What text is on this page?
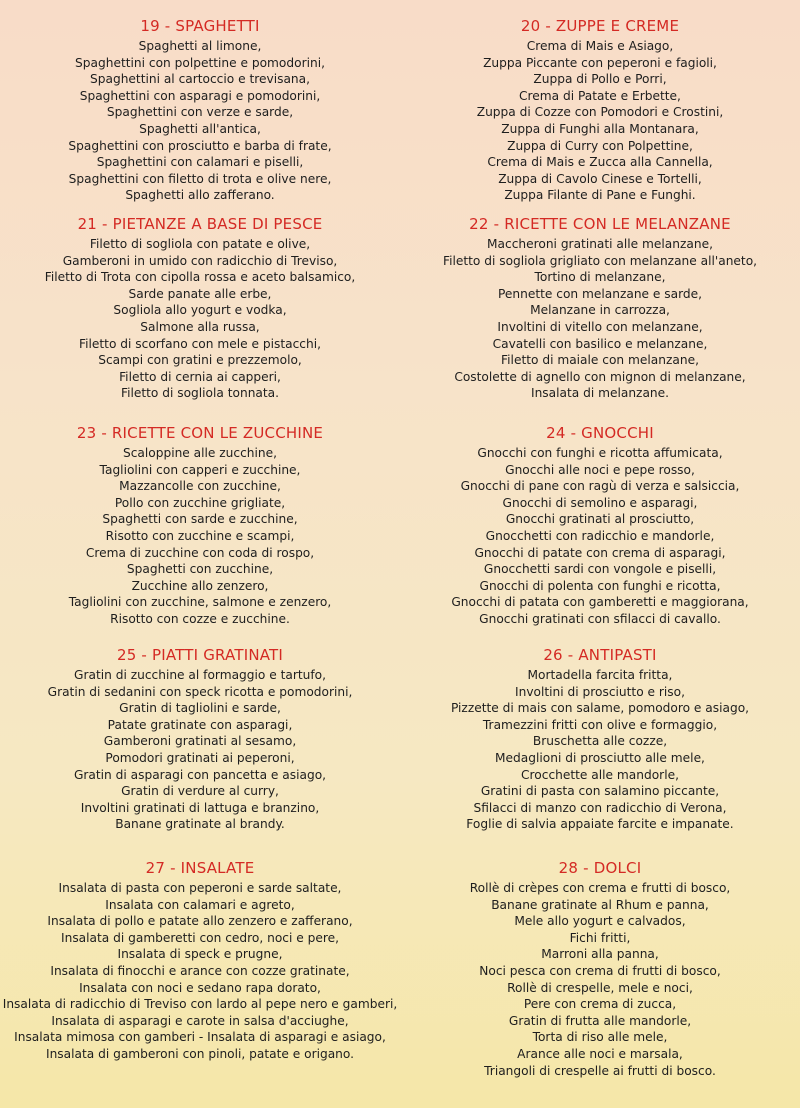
19 - SPAGHETTI
Spaghetti al limone,
Spaghettini con polpettine e pomodorini,
Spaghettini al cartoccio e trevisana,
Spaghettini con asparagi e pomodorini,
Spaghettini con verze e sarde,
Spaghetti all'antica,
Spaghettini con prosciutto e barba di frate,
Spaghettini con calamari e piselli,
Spaghettini con filetto di trota e olive nere,
Spaghetti allo zafferano.
21 - PIETANZE A BASE DI PESCE
Filetto di sogliola con patate e olive,
Gamberoni in umido con radicchio di Treviso,
Filetto di Trota con cipolla rossa e aceto balsamico,
Sarde panate alle erbe,
Sogliola allo yogurt e vodka,
Salmone alla russa,
Filetto di scorfano con mele e pistacchi,
Scampi con gratini e prezzemolo,
Filetto di cernia ai capperi,
Filetto di sogliola tonnata.
23 - RICETTE CON LE ZUCCHINE
Scaloppine alle zucchine,
Tagliolini con capperi e zucchine,
Mazzancolle con zucchine,
Pollo con zucchine grigliate,
Spaghetti con sarde e zucchine,
Risotto con zucchine e scampi,
Crema di zucchine con coda di rospo,
Spaghetti con zucchine,
Zucchine allo zenzero,
Tagliolini con zucchine, salmone e zenzero,
Risotto con cozze e zucchine.
25 - PIATTI GRATINATI
Gratin di zucchine al formaggio e tartufo,
Gratin di sedanini con speck ricotta e pomodorini,
Gratin di tagliolini e sarde,
Patate gratinate con asparagi,
Gamberoni gratinati al sesamo,
Pomodori gratinati ai peperoni,
Gratin di asparagi con pancetta e asiago,
Gratin di verdure al curry,
Involtini gratinati di lattuga e branzino,
Banane gratinate al brandy.
27 - INSALATE
Insalata di pasta con peperoni e sarde saltate,
Insalata con calamari e agreto,
Insalata di pollo e patate allo zenzero e zafferano,
Insalata di gamberetti con cedro, noci e pere,
Insalata di speck e prugne,
Insalata di finocchi e arance con cozze gratinate,
Insalata con noci e sedano rapa dorato,
Insalata di radicchio di Treviso con lardo al pepe nero e gamberi,
Insalata di asparagi e carote in salsa d'acciughe,
Insalata mimosa con gamberi - Insalata di asparagi e asiago,
Insalata di gamberoni con pinoli, patate e origano.
20 - ZUPPE E CREME
Crema di Mais e Asiago,
Zuppa Piccante con peperoni e fagioli,
Zuppa di Pollo e Porri,
Crema di Patate e Erbette,
Zuppa di Cozze con Pomodori e Crostini,
Zuppa di Funghi alla Montanara,
Zuppa di Curry con Polpettine,
Crema di Mais e Zucca alla Cannella,
Zuppa di Cavolo Cinese e Tortelli,
Zuppa Filante di Pane e Funghi.
22 - RICETTE CON LE MELANZANE
Maccheroni gratinati alle melanzane,
Filetto di sogliola grigliato con melanzane all'aneto,
Tortino di melanzane,
Pennette con melanzane e sarde,
Melanzane in carrozza,
Involtini di vitello con melanzane,
Cavatelli con basilico e melanzane,
Filetto di maiale con melanzane,
Costolette di agnello con mignon di melanzane,
Insalata di melanzane.
24 - GNOCCHI
Gnocchi con funghi e ricotta affumicata,
Gnocchi alle noci e pepe rosso,
Gnocchi di pane con ragù di verza e salsiccia,
Gnocchi di semolino e asparagi,
Gnocchi gratinati al prosciutto,
Gnocchetti con radicchio e mandorle,
Gnocchi di patate con crema di asparagi,
Gnocchetti sardi con vongole e piselli,
Gnocchi di polenta con funghi e ricotta,
Gnocchi di patata con gamberetti e maggiorana,
Gnocchi gratinati con sfilacci di cavallo.
26 - ANTIPASTI
Mortadella farcita fritta,
Involtini di prosciutto e riso,
Pizzette di mais con salame, pomodoro e asiago,
Tramezzini fritti con olive e formaggio,
Bruschetta alle cozze,
Medaglioni di prosciutto alle mele,
Crocchette alle mandorle,
Gratini di pasta con salamino piccante,
Sfilacci di manzo con radicchio di Verona,
Foglie di salvia appaiate farcite e impanate.
28 - DOLCI
Rollè di crèpes con crema e frutti di bosco,
Banane gratinate al Rhum e panna,
Mele allo yogurt e calvados,
Fichi fritti,
Marroni alla panna,
Noci pesca con crema di frutti di bosco,
Rollè di crespelle, mele e noci,
Pere con crema di zucca,
Gratin di frutta alle mandorle,
Torta di riso alle mele,
Arance alle noci e marsala,
Triangoli di crespelle ai frutti di bosco.
